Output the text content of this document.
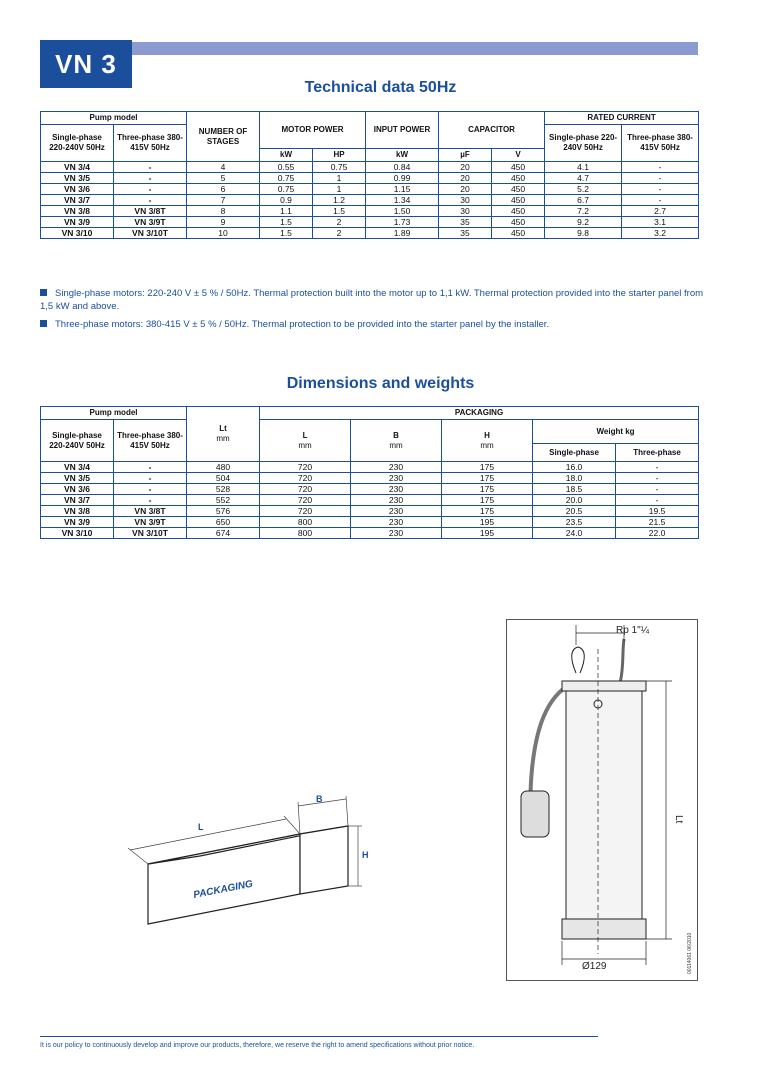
VN 3
Technical data 50Hz
Pump model		NUMBER OF STAGES	MOTOR POWER		INPUT POWER	CAPACITOR		RATED CURRENT	
Single-phase 220-240V 50Hz	Three-phase 380-415V 50Hz							Single-phase 220-240V 50Hz	Three-phase 380-415V 50Hz
			kW	HP	kW	µF	V		
VN 3/4	-	4	0.55	0.75	0.84	20	450	4.1	-
VN 3/5	-	5	0.75	1	0.99	20	450	4.7	-
VN 3/6	-	6	0.75	1	1.15	20	450	5.2	-
VN 3/7	-	7	0.9	1.2	1.34	30	450	6.7	-
VN 3/8	VN 3/8T	8	1.1	1.5	1.50	30	450	7.2	2.7
VN 3/9	VN 3/9T	9	1.5	2	1.73	35	450	9.2	3.1
VN 3/10	VN 3/10T	10	1.5	2	1.89	35	450	9.8	3.2
Single-phase motors: 220-240 V ± 5 % / 50Hz. Thermal protection built into the motor up to 1,1 kW. Thermal protection provided into the starter panel from 1,5 kW and above.
Three-phase motors: 380-415 V ± 5 % / 50Hz. Thermal protection to be provided into the starter panel by the installer.
Dimensions and weights
Pump model		Lt
mm	PACKAGING				
Single-phase 220-240V 50Hz	Three-phase 380-415V 50Hz		L
mm	B
mm	H
mm	Weight kg	
						Single-phase	Three-phase
VN 3/4	-	480	720	230	175	16.0	-
VN 3/5	-	504	720	230	175	18.0	-
VN 3/6	-	528	720	230	175	18.5	-
VN 3/7	-	552	720	230	175	20.0	-
VN 3/8	VN 3/8T	576	720	230	175	20.5	19.5
VN 3/9	VN 3/9T	650	800	230	195	23.5	21.5
VN 3/10	VN 3/10T	674	800	230	195	24.0	22.0
L
B
H
PACKAGING
Rp 1"¼
Lt
Ø129	00114061 06/2010
It is our policy to continuously develop and improve our products, therefore, we reserve the right to amend specifications without prior notice.
